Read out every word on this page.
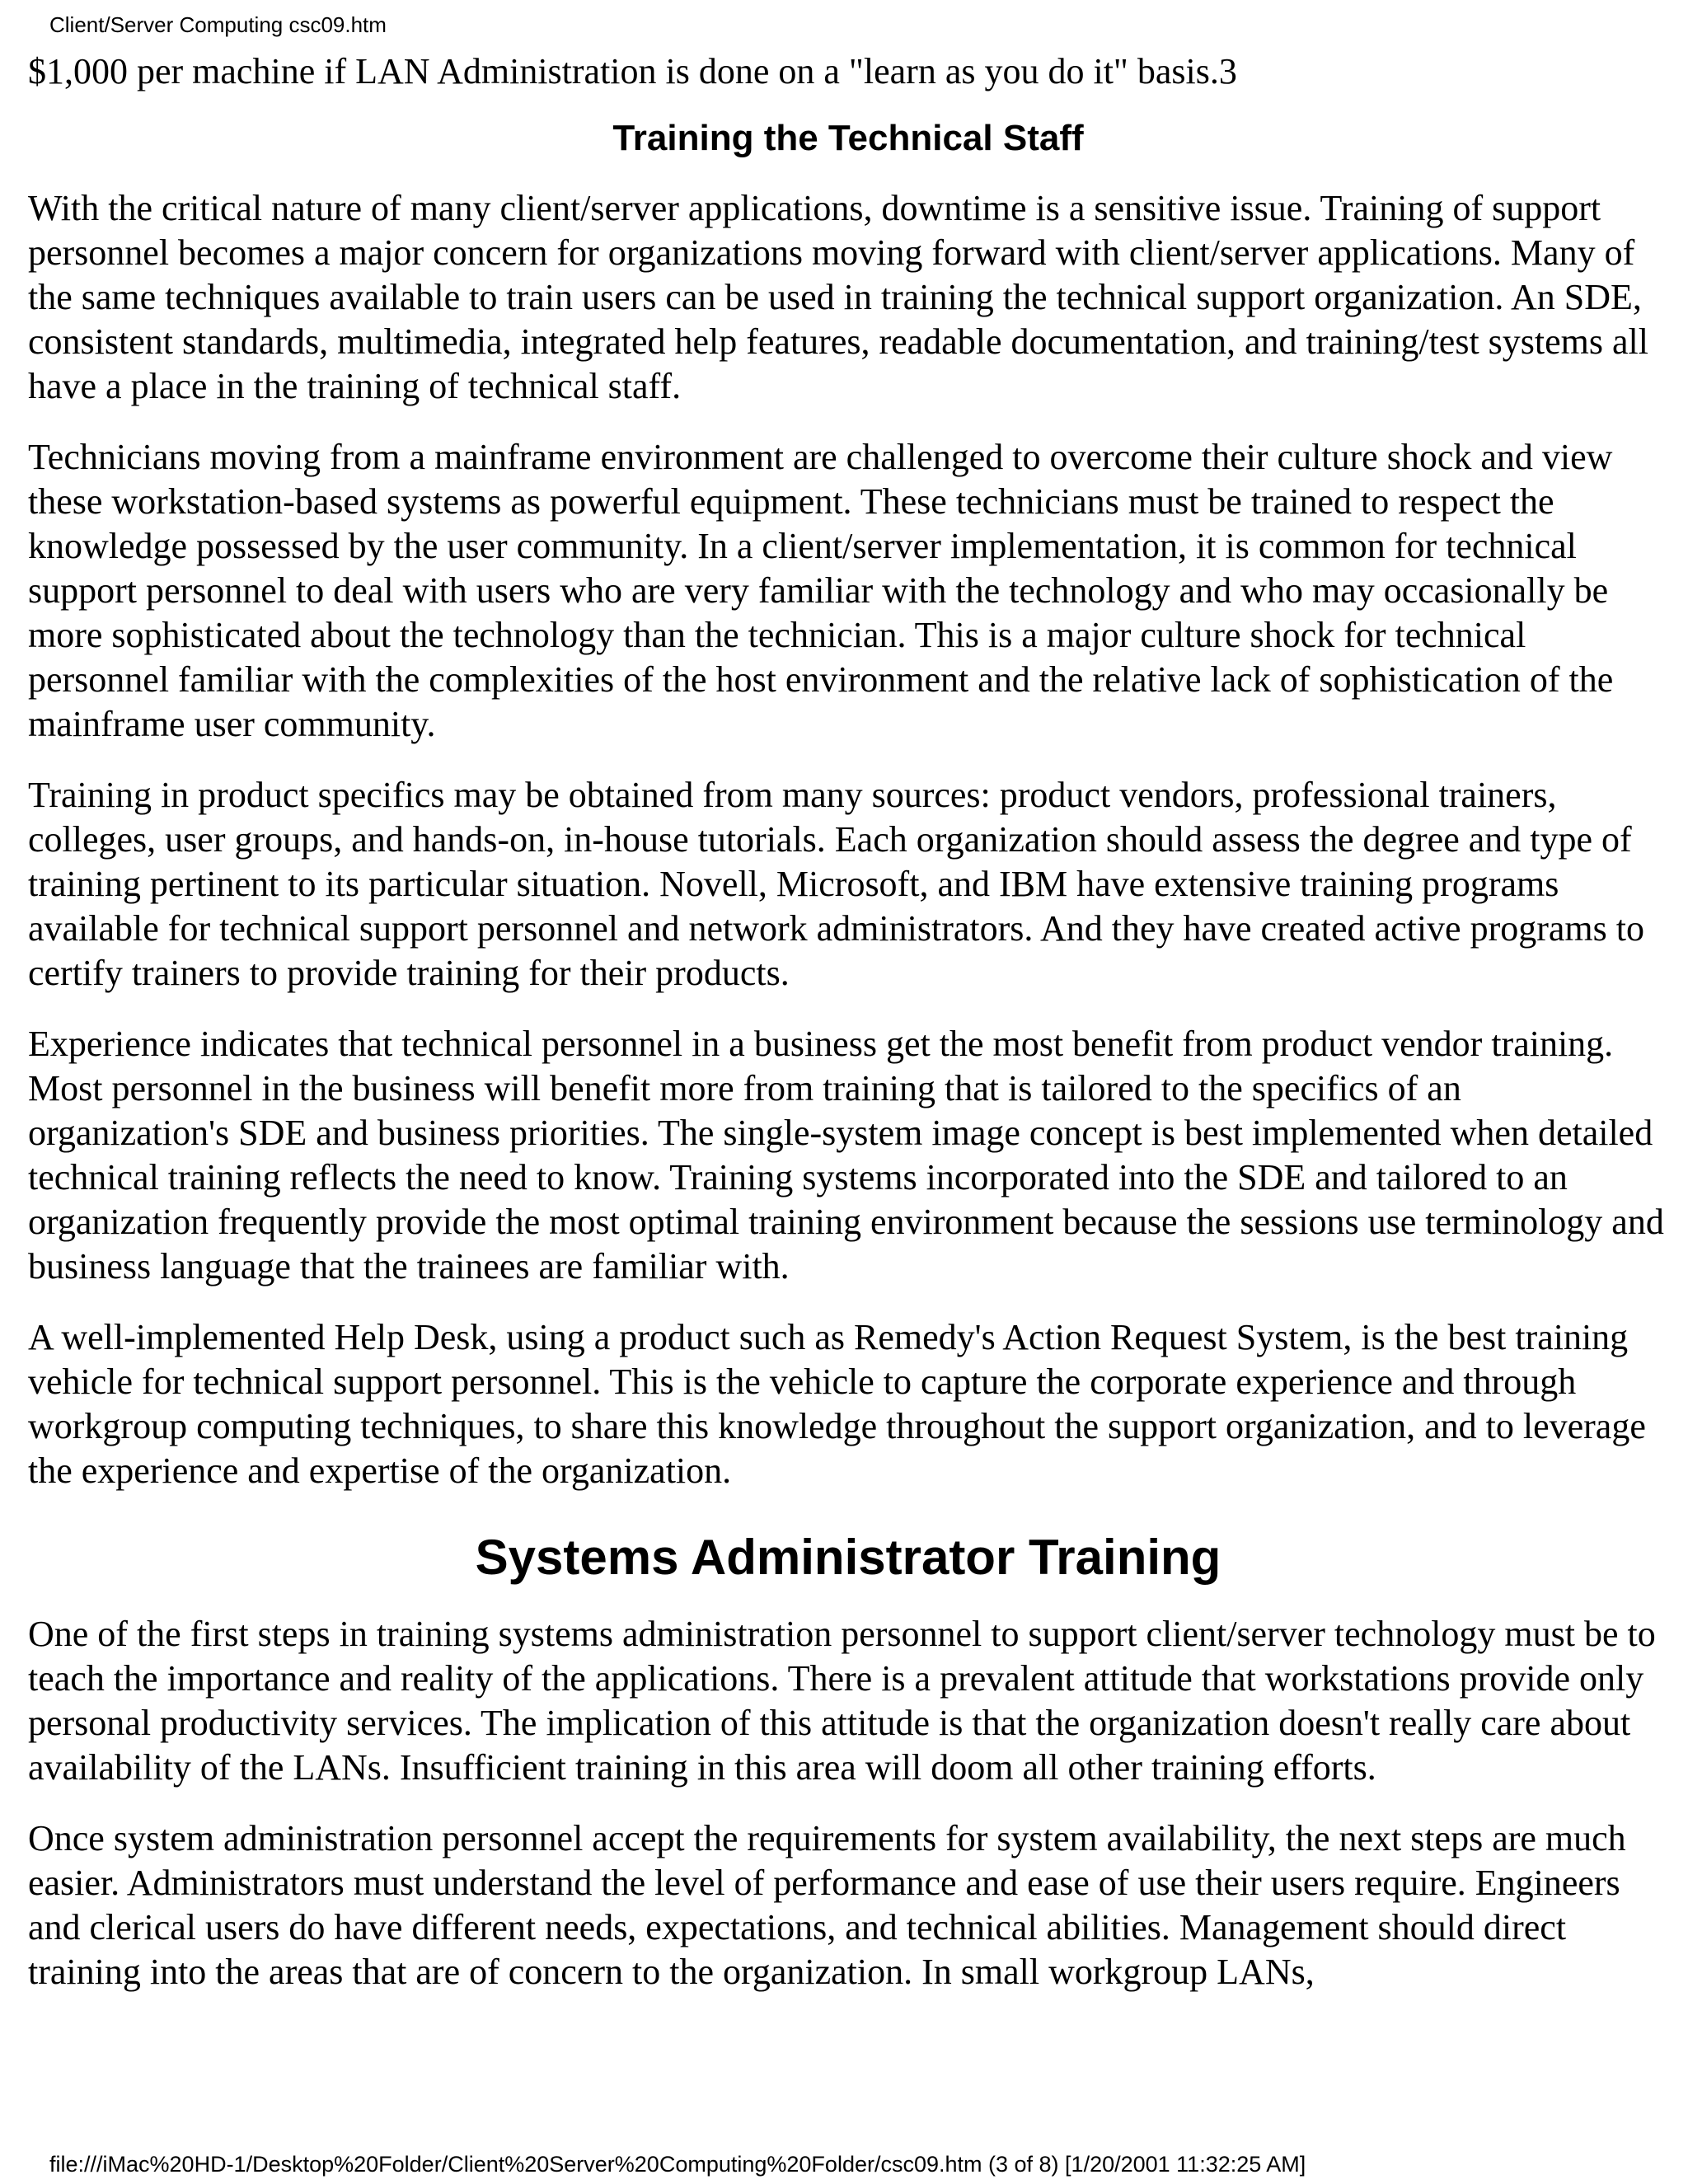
Client/Server Computing csc09.htm

$1,000 per machine if LAN Administration is done on a "learn as you do it" basis.3

Training the Technical Staff

With the critical nature of many client/server applications, downtime is a sensitive issue. Training of support personnel becomes a major concern for organizations moving forward with client/server applications. Many of the same techniques available to train users can be used in training the technical support organization. An SDE, consistent standards, multimedia, integrated help features, readable documentation, and training/test systems all have a place in the training of technical staff.

Technicians moving from a mainframe environment are challenged to overcome their culture shock and view these workstation-based systems as powerful equipment. These technicians must be trained to respect the knowledge possessed by the user community. In a client/server implementation, it is common for technical support personnel to deal with users who are very familiar with the technology and who may occasionally be more sophisticated about the technology than the technician. This is a major culture shock for technical personnel familiar with the complexities of the host environment and the relative lack of sophistication of the mainframe user community.

Training in product specifics may be obtained from many sources: product vendors, professional trainers, colleges, user groups, and hands-on, in-house tutorials. Each organization should assess the degree and type of training pertinent to its particular situation. Novell, Microsoft, and IBM have extensive training programs available for technical support personnel and network administrators. And they have created active programs to certify trainers to provide training for their products.

Experience indicates that technical personnel in a business get the most benefit from product vendor training. Most personnel in the business will benefit more from training that is tailored to the specifics of an organization's SDE and business priorities. The single-system image concept is best implemented when detailed technical training reflects the need to know. Training systems incorporated into the SDE and tailored to an organization frequently provide the most optimal training environment because the sessions use terminology and business language that the trainees are familiar with.

A well-implemented Help Desk, using a product such as Remedy's Action Request System, is the best training vehicle for technical support personnel. This is the vehicle to capture the corporate experience and through workgroup computing techniques, to share this knowledge throughout the support organization, and to leverage the experience and expertise of the organization.

Systems Administrator Training

One of the first steps in training systems administration personnel to support client/server technology must be to teach the importance and reality of the applications. There is a prevalent attitude that workstations provide only personal productivity services. The implication of this attitude is that the organization doesn't really care about availability of the LANs. Insufficient training in this area will doom all other training efforts.

Once system administration personnel accept the requirements for system availability, the next steps are much easier. Administrators must understand the level of performance and ease of use their users require. Engineers and clerical users do have different needs, expectations, and technical abilities. Management should direct training into the areas that are of concern to the organization. In small workgroup LANs,

file:///iMac%20HD-1/Desktop%20Folder/Client%20Server%20Computing%20Folder/csc09.htm (3 of 8) [1/20/2001 11:32:25 AM]
